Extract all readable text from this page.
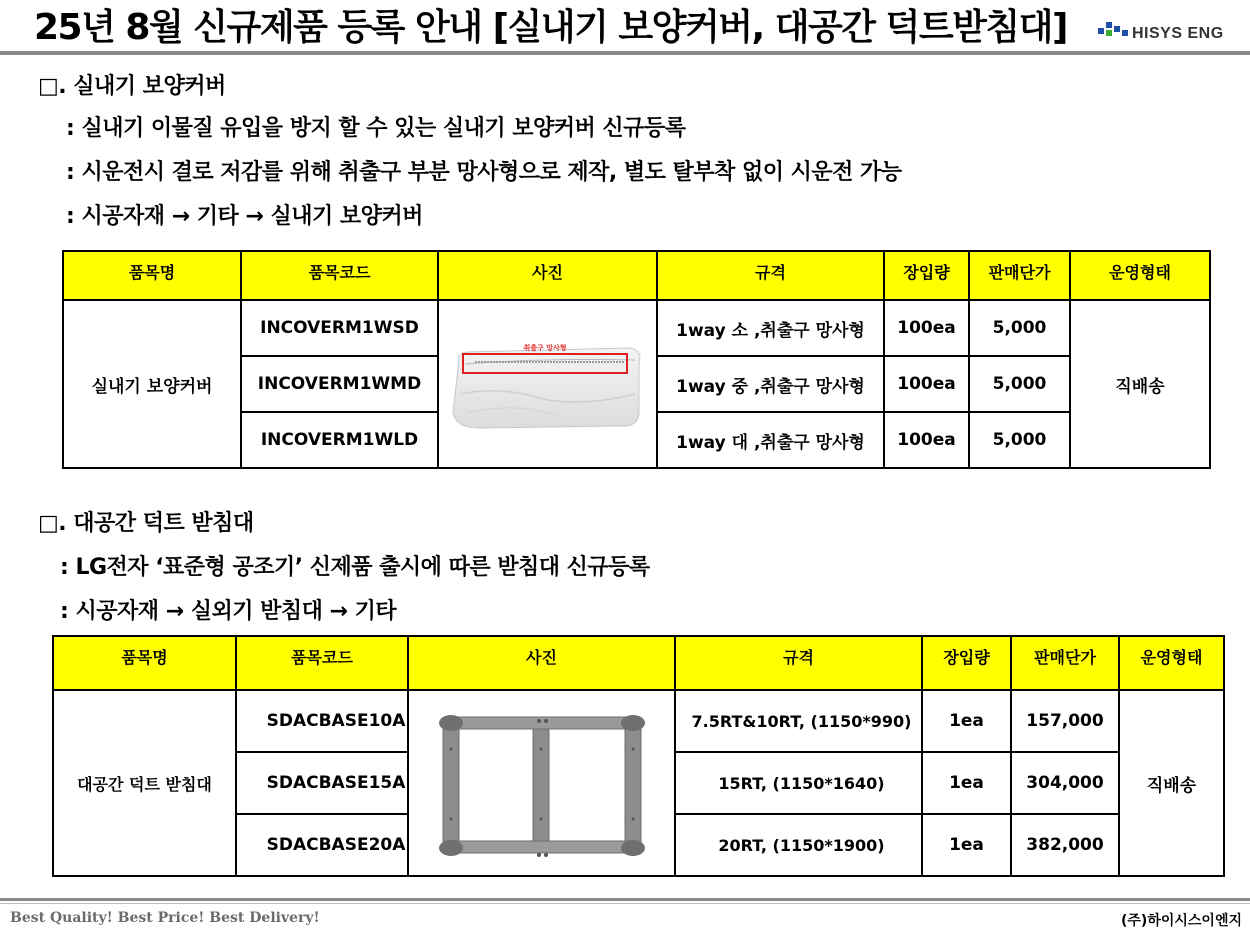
25년 8월 신규제품 등록 안내 [실내기 보양커버, 대공간 덕트받침대]	HISYS ENG
□. 실내기 보양커버
: 실내기 이물질 유입을 방지 할 수 있는 실내기 보양커버 신규등록
: 시운전시 결로 저감를 위해 취출구 부분 망사형으로 제작, 별도 탈부착 없이 시운전 가능
: 시공자재 → 기타 → 실내기 보양커버
품목명	품목코드	사진	규격	장입량	판매단가	운영형태
실내기 보양커버	INCOVERM1WSD	취출구 망사형	1way 소 ,취출구 망사형	100ea	5,000	직배송
	INCOVERM1WMD		1way 중 ,취출구 망사형	100ea	5,000	
	INCOVERM1WLD		1way 대 ,취출구 망사형	100ea	5,000	
□. 대공간 덕트 받침대
: LG전자 ‘표준형 공조기’ 신제품 출시에 따른 받침대 신규등록
: 시공자재 → 실외기 받침대 → 기타
품목명	품목코드	사진	규격	장입량	판매단가	운영형태
대공간 덕트 받침대	SDACBASE10A		7.5RT&10RT, (1150*990)	1ea	157,000	직배송
	SDACBASE15A		15RT, (1150*1640)	1ea	304,000	
	SDACBASE20A		20RT, (1150*1900)	1ea	382,000	
Best Quality! Best Price! Best Delivery!	(주)하이시스이엔지
